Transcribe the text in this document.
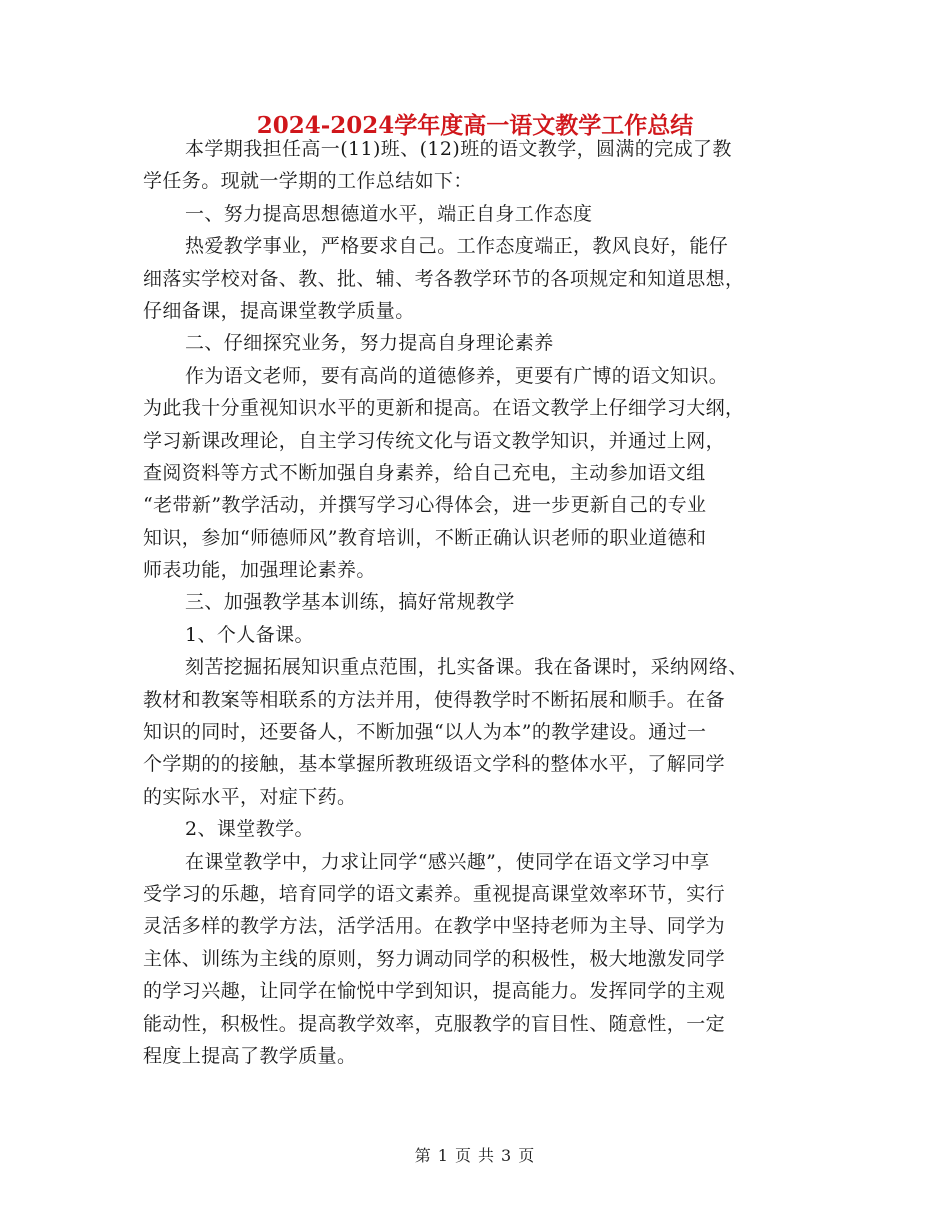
2024-2024学年度高一语文教学工作总结
本学期我担任高一(11)班、(12)班的语文教学，圆满的完成了教
学任务。现就一学期的工作总结如下：
一、努力提高思想德道水平，端正自身工作态度
热爱教学事业，严格要求自己。工作态度端正，教风良好，能仔
细落实学校对备、教、批、辅、考各教学环节的各项规定和知道思想，
仔细备课，提高课堂教学质量。
二、仔细探究业务，努力提高自身理论素养
作为语文老师，要有高尚的道德修养，更要有广博的语文知识。
为此我十分重视知识水平的更新和提高。在语文教学上仔细学习大纲，
学习新课改理论，自主学习传统文化与语文教学知识，并通过上网，
查阅资料等方式不断加强自身素养，给自己充电，主动参加语文组
“老带新”教学活动，并撰写学习心得体会，进一步更新自己的专业
知识，参加“师德师风”教育培训，不断正确认识老师的职业道德和
师表功能，加强理论素养。
三、加强教学基本训练，搞好常规教学
1、个人备课。
刻苦挖掘拓展知识重点范围，扎实备课。我在备课时，采纳网络、
教材和教案等相联系的方法并用，使得教学时不断拓展和顺手。在备
知识的同时，还要备人，不断加强“以人为本”的教学建设。通过一
个学期的的接触，基本掌握所教班级语文学科的整体水平，了解同学
的实际水平，对症下药。
2、课堂教学。
在课堂教学中，力求让同学“感兴趣”，使同学在语文学习中享
受学习的乐趣，培育同学的语文素养。重视提高课堂效率环节，实行
灵活多样的教学方法，活学活用。在教学中坚持老师为主导、同学为
主体、训练为主线的原则，努力调动同学的积极性，极大地激发同学
的学习兴趣，让同学在愉悦中学到知识，提高能力。发挥同学的主观
能动性，积极性。提高教学效率，克服教学的盲目性、随意性，一定
程度上提高了教学质量。
第 1 页 共 3 页
